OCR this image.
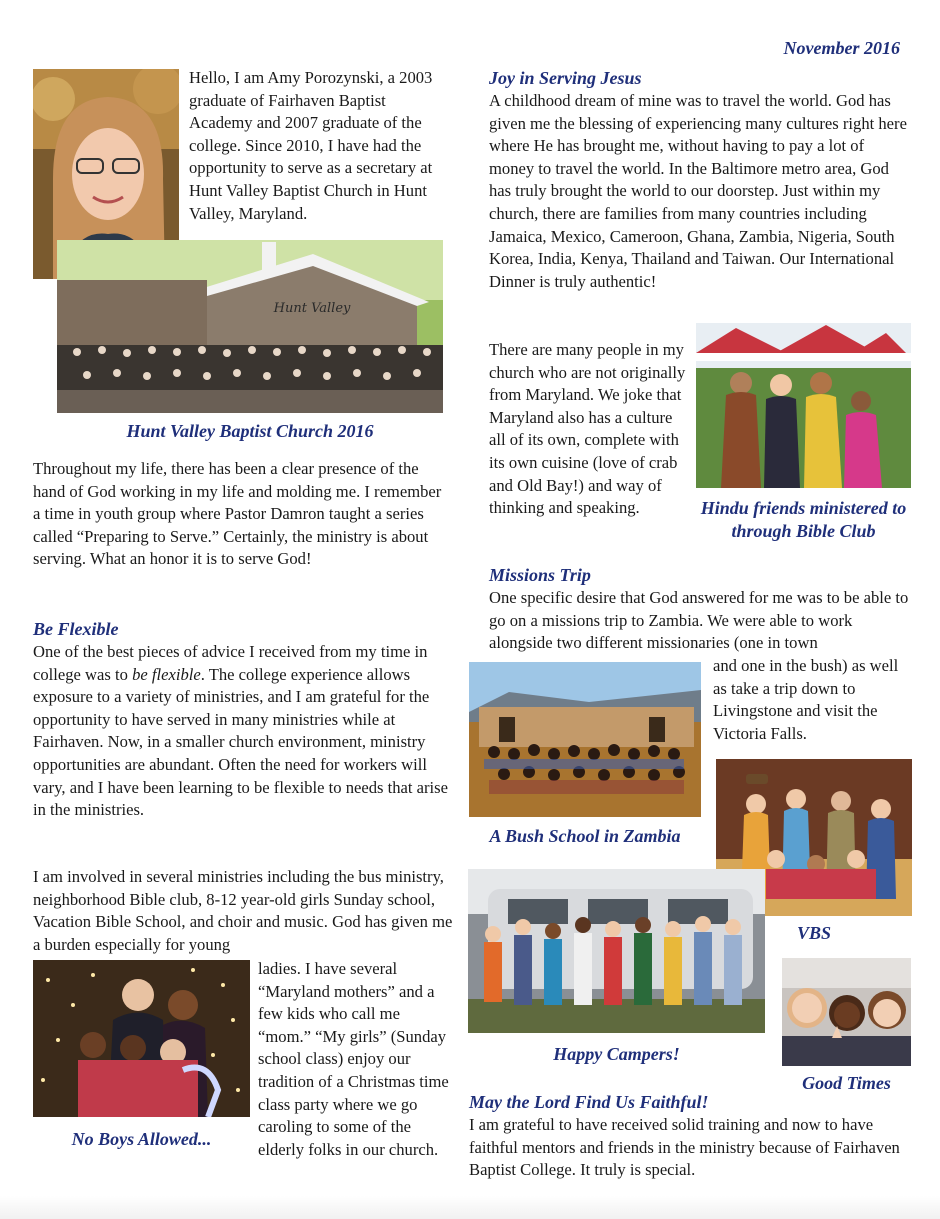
November 2016
Hello, I am Amy Porozynski, a 2003 graduate of Fairhaven Baptist Academy and 2007 graduate of the college. Since 2010, I have had the opportunity to serve as a secretary at Hunt Valley Baptist Church in Hunt Valley, Maryland.
Hunt Valley
Hunt Valley Baptist Church 2016
Throughout my life, there has been a clear presence of the hand of God working in my life and molding me. I remember a time in youth group where Pastor Damron taught a series called “Preparing to Serve.” Certainly, the ministry is about serving. What an honor it is to serve God!
Be Flexible
One of the best pieces of advice I received from my time in college was to be flexible. The college experience allows exposure to a variety of ministries, and I am grateful for the opportunity to have served in many ministries while at Fairhaven. Now, in a smaller church environment, ministry opportunities are abundant. Often the need for workers will vary, and I have been learning to be flexible to needs that arise in the ministries.
I am involved in several ministries including the bus ministry, neighborhood Bible club, 8-12 year-old girls Sunday school, Vacation Bible School, and choir and music. God has given me a burden especially for young
ladies. I have several “Maryland mothers” and a few kids who call me “mom.” “My girls” (Sunday school class) enjoy our tradition of a Christmas time class party where we go caroling to some of the elderly folks in our church.
No Boys Allowed...
Joy in Serving Jesus
A childhood dream of mine was to travel the world. God has given me the blessing of experiencing many cultures right here where He has brought me, without having to pay a lot of money to travel the world. In the Baltimore metro area, God has truly brought the world to our doorstep. Just within my church, there are families from many countries including Jamaica, Mexico, Cameroon, Ghana, Zambia, Nigeria, South Korea, India, Kenya, Thailand and Taiwan. Our International Dinner is truly authentic!
There are many people in my church who are not originally from Maryland. We joke that Maryland also has a culture all of its own, complete with its own cuisine (love of crab and Old Bay!) and way of thinking and speaking.	Hindu friends ministered to through Bible Club
Missions Trip
One specific desire that God answered for me was to be able to go on a missions trip to Zambia. We were able to work alongside two different missionaries (one in town
and one in the bush) as well as take a trip down to Livingstone and visit the Victoria Falls.
A Bush School in Zambia
VBS
Happy Campers!
Good Times
May the Lord Find Us Faithful!
I am grateful to have received solid training and now to have faithful mentors and friends in the ministry because of Fairhaven Baptist College. It truly is special.
